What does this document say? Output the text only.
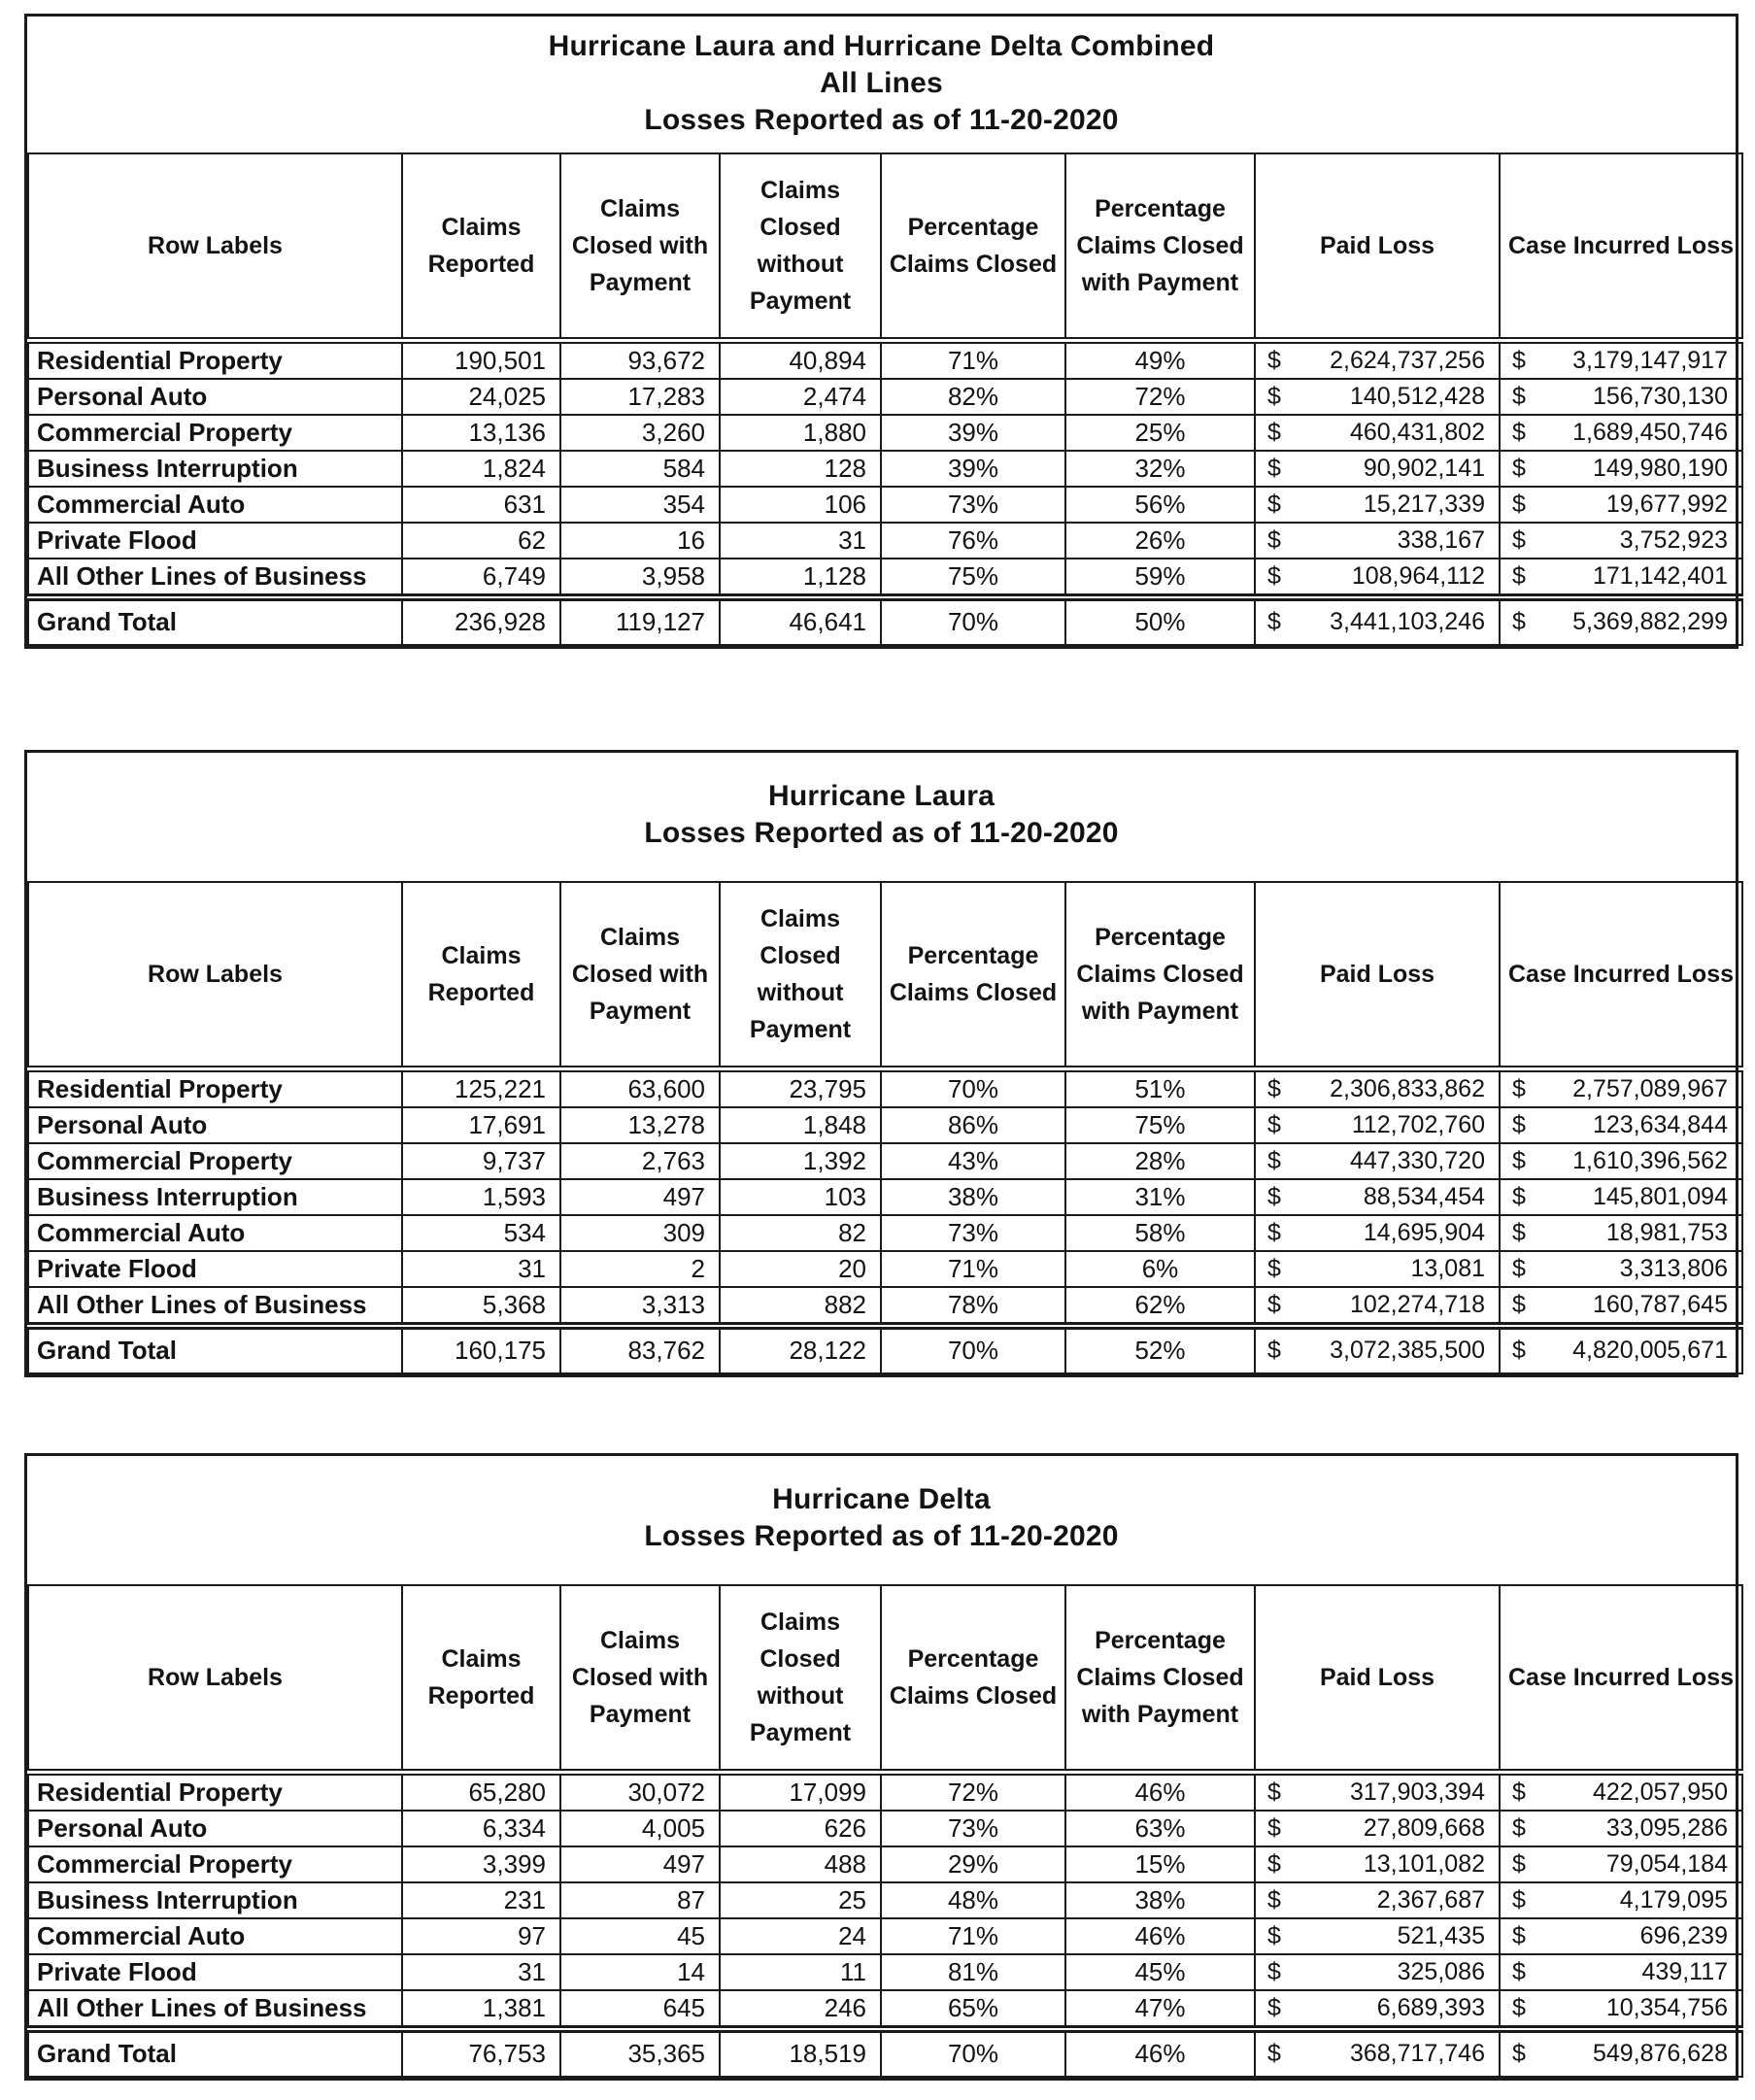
Hurricane Laura and Hurricane Delta Combined
All Lines
Losses Reported as of 11-20-2020
Row Labels	Claims Reported	Claims Closed with Payment	Claims Closed without Payment	Percentage Claims Closed	Percentage Claims Closed with Payment	Paid Loss	Case Incurred Loss
Residential Property	190,501	93,672	40,894	71%	49%	$ 2,624,737,256	$ 3,179,147,917

Personal Auto	24,025	17,283	2,474	82%	72%	$ 140,512,428	$ 156,730,130

Commercial Property	13,136	3,260	1,880	39%	25%	$ 460,431,802	$ 1,689,450,746

Business Interruption	1,824	584	128	39%	32%	$ 90,902,141	$ 149,980,190

Commercial Auto	631	354	106	73%	56%	$ 15,217,339	$ 19,677,992

Private Flood	62	16	31	76%	26%	$ 338,167	$ 3,752,923

All Other Lines of Business	6,749	3,958	1,128	75%	59%	$ 108,964,112	$ 171,142,401

Grand Total	236,928	119,127	46,641	70%	50%	$ 3,441,103,246	$ 5,369,882,299
Hurricane Laura
Losses Reported as of 11-20-2020
Row Labels	Claims Reported	Claims Closed with Payment	Claims Closed without Payment	Percentage Claims Closed	Percentage Claims Closed with Payment	Paid Loss	Case Incurred Loss
Residential Property	125,221	63,600	23,795	70%	51%	$ 2,306,833,862	$ 2,757,089,967

Personal Auto	17,691	13,278	1,848	86%	75%	$ 112,702,760	$ 123,634,844

Commercial Property	9,737	2,763	1,392	43%	28%	$ 447,330,720	$ 1,610,396,562

Business Interruption	1,593	497	103	38%	31%	$ 88,534,454	$ 145,801,094

Commercial Auto	534	309	82	73%	58%	$ 14,695,904	$ 18,981,753

Private Flood	31	2	20	71%	6%	$ 13,081	$ 3,313,806

All Other Lines of Business	5,368	3,313	882	78%	62%	$ 102,274,718	$ 160,787,645

Grand Total	160,175	83,762	28,122	70%	52%	$ 3,072,385,500	$ 4,820,005,671
Hurricane Delta
Losses Reported as of 11-20-2020
Row Labels	Claims Reported	Claims Closed with Payment	Claims Closed without Payment	Percentage Claims Closed	Percentage Claims Closed with Payment	Paid Loss	Case Incurred Loss
Residential Property	65,280	30,072	17,099	72%	46%	$ 317,903,394	$ 422,057,950

Personal Auto	6,334	4,005	626	73%	63%	$ 27,809,668	$ 33,095,286

Commercial Property	3,399	497	488	29%	15%	$ 13,101,082	$ 79,054,184

Business Interruption	231	87	25	48%	38%	$ 2,367,687	$ 4,179,095

Commercial Auto	97	45	24	71%	46%	$ 521,435	$ 696,239

Private Flood	31	14	11	81%	45%	$ 325,086	$ 439,117

All Other Lines of Business	1,381	645	246	65%	47%	$ 6,689,393	$ 10,354,756

Grand Total	76,753	35,365	18,519	70%	46%	$ 368,717,746	$ 549,876,628
